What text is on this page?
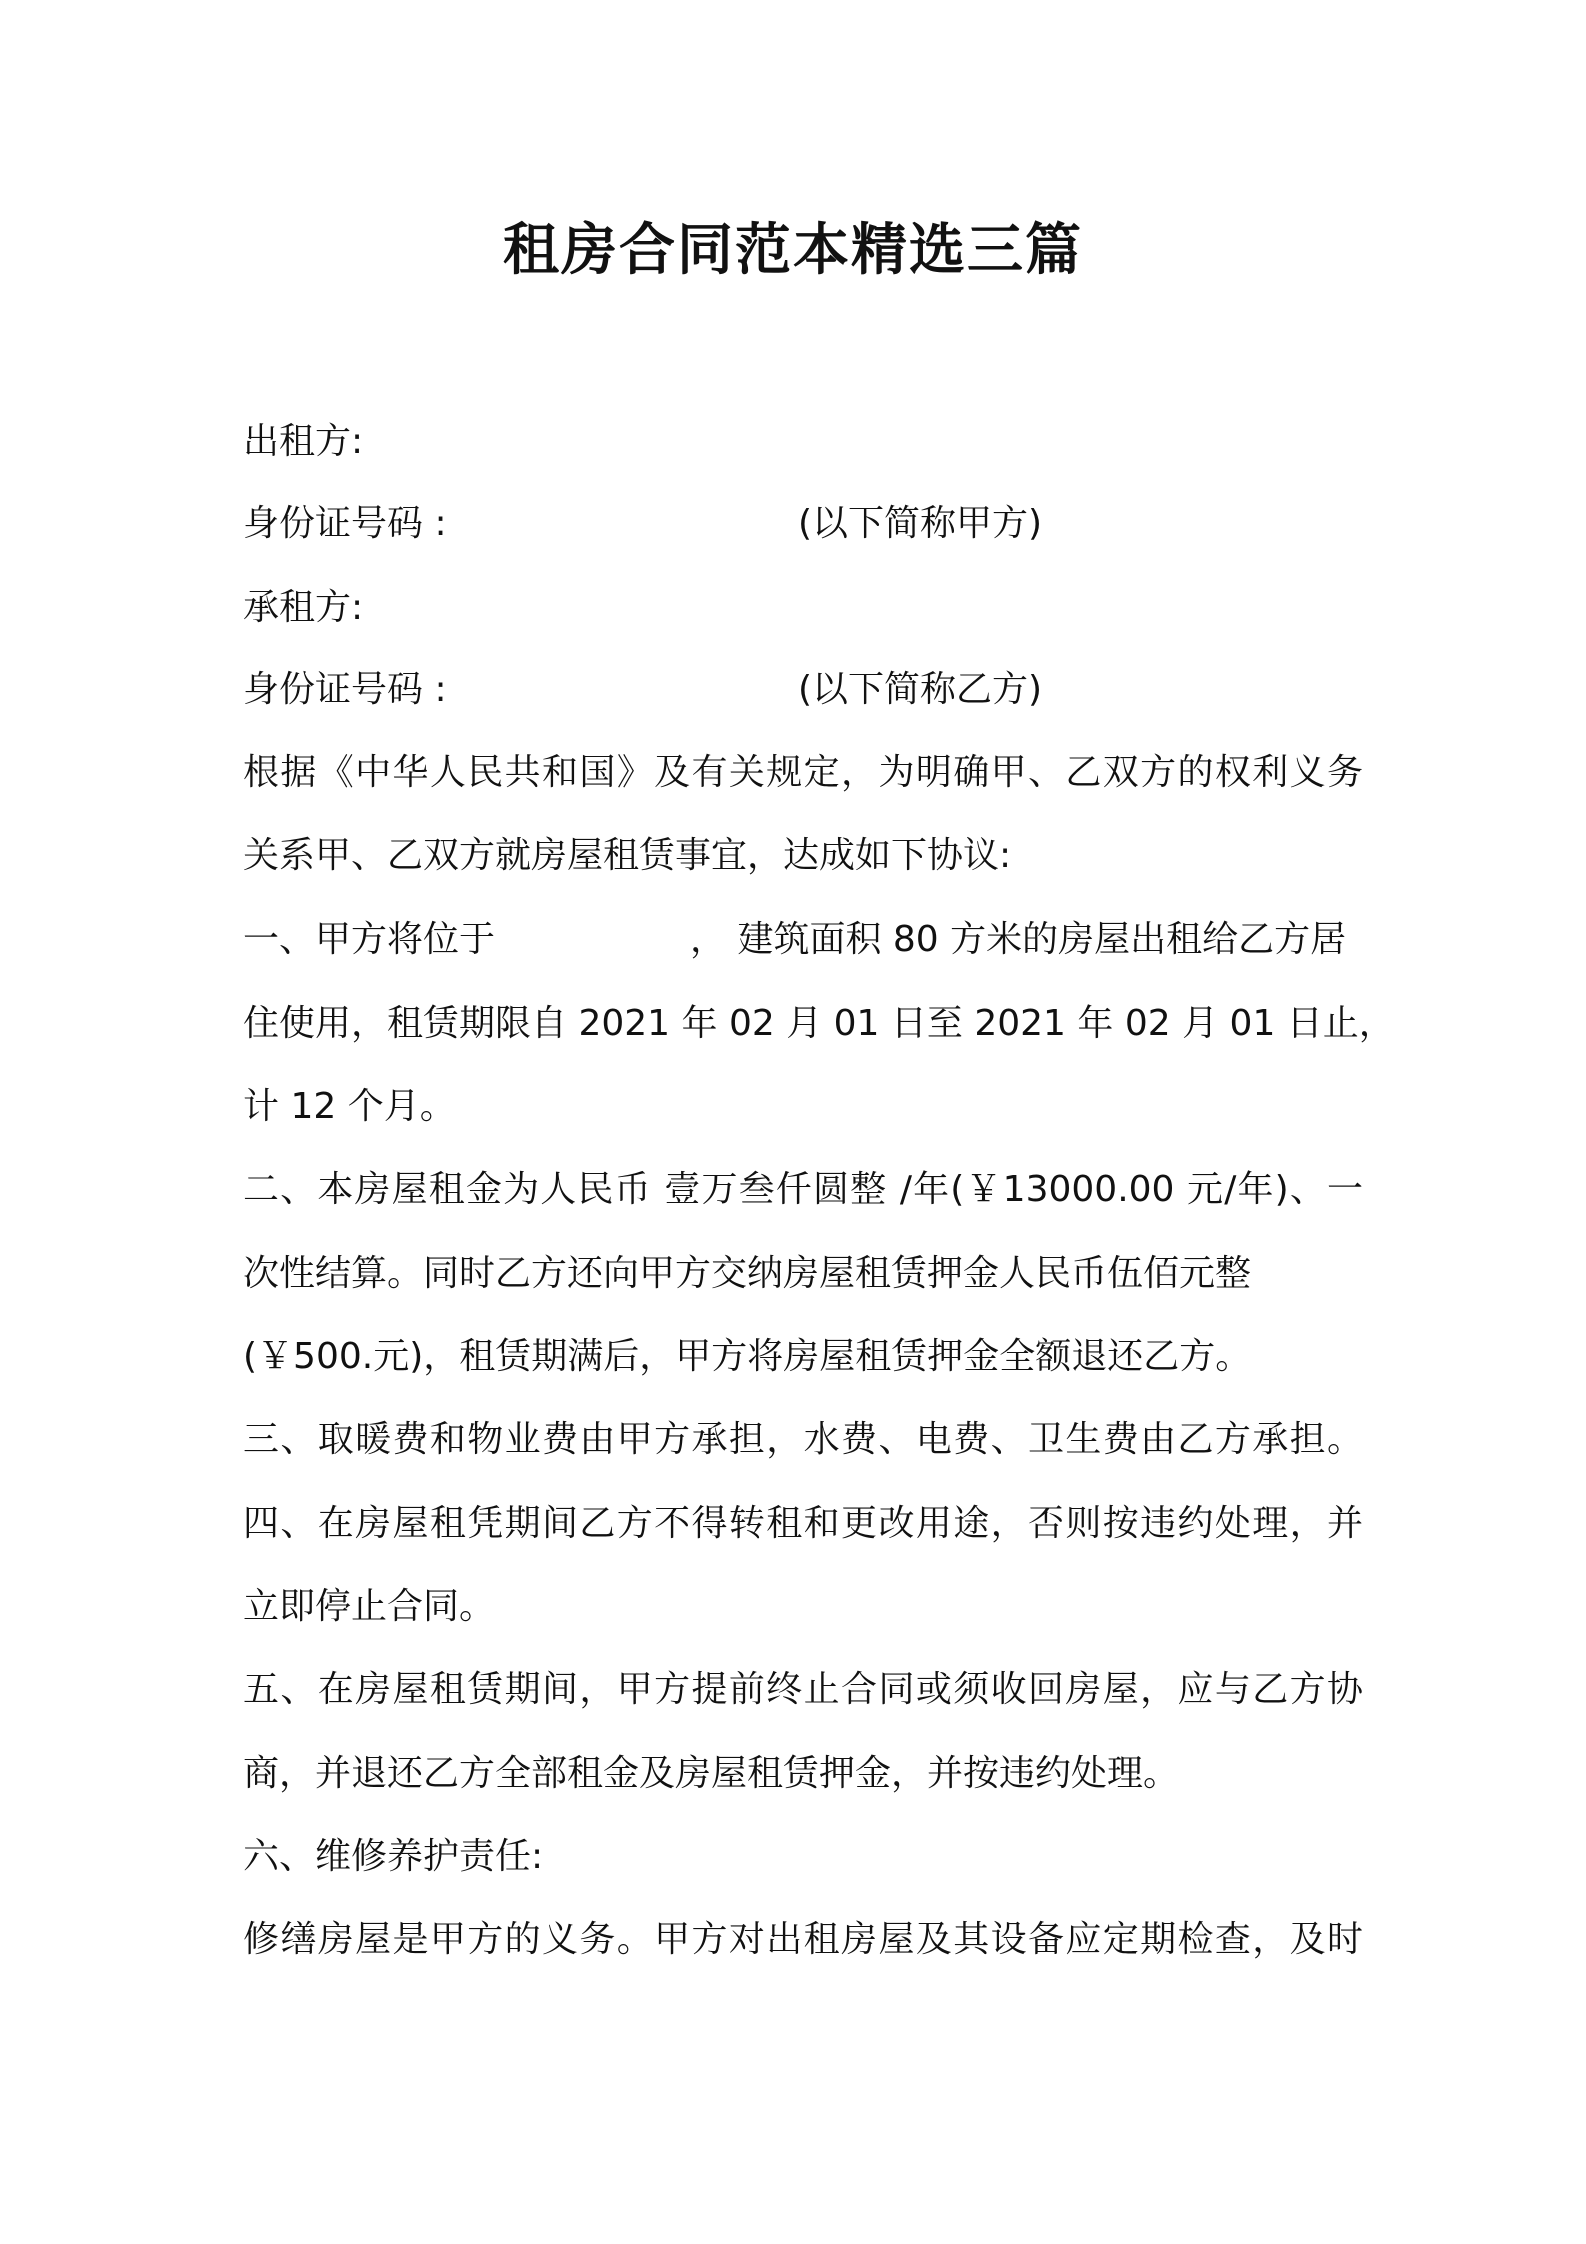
租房合同范本精选三篇
出租方:
身份证号码 :	(以下简称甲方)
承租方:
身份证号码 :	(以下简称乙方)
根据《中华人民共和国》及有关规定，为明确甲、乙双方的权利义务
关系甲、乙双方就房屋租赁事宜，达成如下协议:
一、甲方将位于	， 建筑面积 80 方米的房屋出租给乙方居
住使用，租赁期限自 2021 年 02 月 01 日至 2021 年 02 月 01 日止，
计 12 个月。
二、本房屋租金为人民币 壹万叁仟圆整 /年(￥13000.00 元/年)、一
次性结算。同时乙方还向甲方交纳房屋租赁押金人民币伍佰元整
(￥500.元)，租赁期满后，甲方将房屋租赁押金全额退还乙方。
三、取暖费和物业费由甲方承担，水费、电费、卫生费由乙方承担。
四、在房屋租凭期间乙方不得转租和更改用途，否则按违约处理，并
立即停止合同。
五、在房屋租赁期间，甲方提前终止合同或须收回房屋，应与乙方协
商，并退还乙方全部租金及房屋租赁押金，并按违约处理。
六、维修养护责任:
修缮房屋是甲方的义务。甲方对出租房屋及其设备应定期检查，及时
